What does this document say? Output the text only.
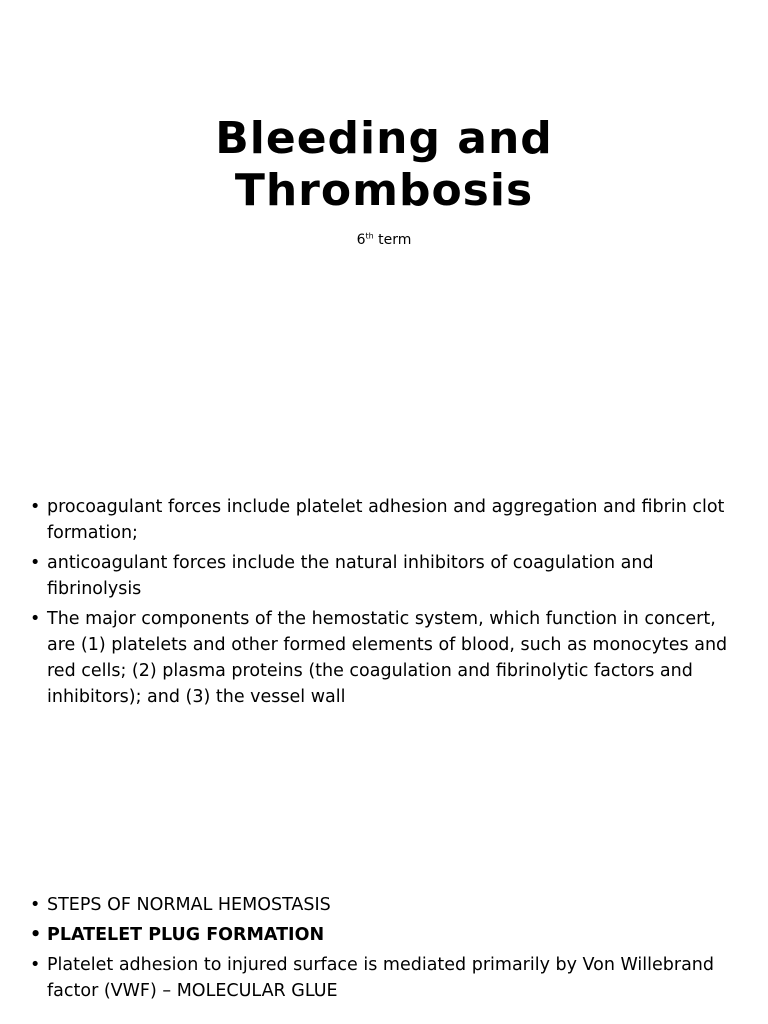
Bleeding and
Thrombosis
6th term
• procoagulant forces include platelet adhesion and aggregation and fibrin clot formation;
• anticoagulant forces include the natural inhibitors of coagulation and fibrinolysis
• The major components of the hemostatic system, which function in concert, are (1) platelets and other formed elements of blood, such as monocytes and red cells; (2) plasma proteins (the coagulation and fibrinolytic factors and inhibitors); and (3) the vessel wall
• STEPS OF NORMAL HEMOSTASIS
• PLATELET PLUG FORMATION
• Platelet adhesion to injured surface is mediated primarily by Von Willebrand factor (VWF) – MOLECULAR GLUE
